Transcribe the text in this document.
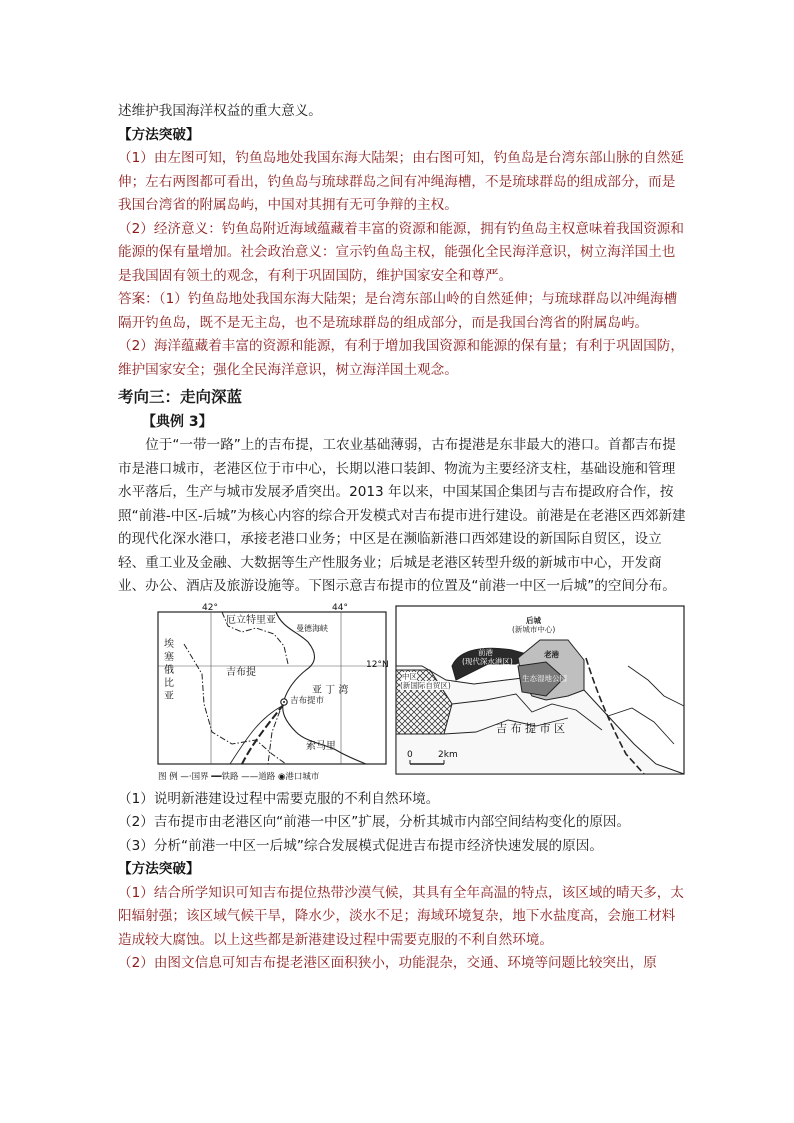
述维护我国海洋权益的重大意义。

【方法突破】

（1）由左图可知，钓鱼岛地处我国东海大陆架；由右图可知，钓鱼岛是台湾东部山脉的自然延伸；左右两图都可看出，钓鱼岛与琉球群岛之间有冲绳海槽，不是琉球群岛的组成部分，而是我国台湾省的附属岛屿，中国对其拥有无可争辩的主权。

（2）经济意义：钓鱼岛附近海域蕴藏着丰富的资源和能源，拥有钓鱼岛主权意味着我国资源和能源的保有量增加。社会政治意义：宣示钓鱼岛主权，能强化全民海洋意识，树立海洋国土也是我国固有领土的观念，有利于巩固国防，维护国家安全和尊严。

答案：（1）钓鱼岛地处我国东海大陆架；是台湾东部山岭的自然延伸；与琉球群岛以冲绳海槽隔开钓鱼岛，既不是无主岛，也不是琉球群岛的组成部分，而是我国台湾省的附属岛屿。

（2）海洋蕴藏着丰富的资源和能源，有利于增加我国资源和能源的保有量；有利于巩固国防，维护国家安全；强化全民海洋意识，树立海洋国土观念。

考向三：走向深蓝

【典例 3】

位于“一带一路”上的吉布提，工农业基础薄弱，古布提港是东非最大的港口。首都吉布提市是港口城市，老港区位于市中心，长期以港口装卸、物流为主要经济支柱，基础设施和管理水平落后，生产与城市发展矛盾突出。2013 年以来，中国某国企集团与吉布提政府合作，按照“前港-中区-后城”为核心内容的综合开发模式对吉布提市进行建设。前港是在老港区西郊新建的现代化深水港口，承接老港口业务；中区是在濒临新港口西郊建设的新国际自贸区，设立轻、重工业及金融、大数据等生产性服务业；后城是老港区转型升级的新城市中心，开发商业、办公、酒店及旅游设施等。下图示意吉布提市的位置及“前港一中区一后城”的空间分布。

42°	44°
12°N
厄立特里亚
曼德海峡
埃塞俄比亚
吉布提
亚 丁 湾
吉布提市
索马里
图 例 —·国界 ━━铁路 ——道路 ◉港口城市
后城
(新城市中心)
前港
(现代深水港区)
中区
(新国际自贸区)
老港
生态湿地公园
吉 布 提 市 区
0	2km

（1）说明新港建设过程中需要克服的不利自然环境。

（2）吉布提市由老港区向“前港一中区”扩展，分析其城市内部空间结构变化的原因。

（3）分析“前港一中区一后城”综合发展模式促进吉布提市经济快速发展的原因。

【方法突破】

（1）结合所学知识可知吉布提位热带沙漠气候，其具有全年高温的特点，该区域的晴天多，太阳辐射强；该区域气候干旱，降水少，淡水不足；海域环境复杂，地下水盐度高，会施工材料造成较大腐蚀。以上这些都是新港建设过程中需要克服的不利自然环境。

（2）由图文信息可知吉布提老港区面积狭小，功能混杂，交通、环境等问题比较突出，原
